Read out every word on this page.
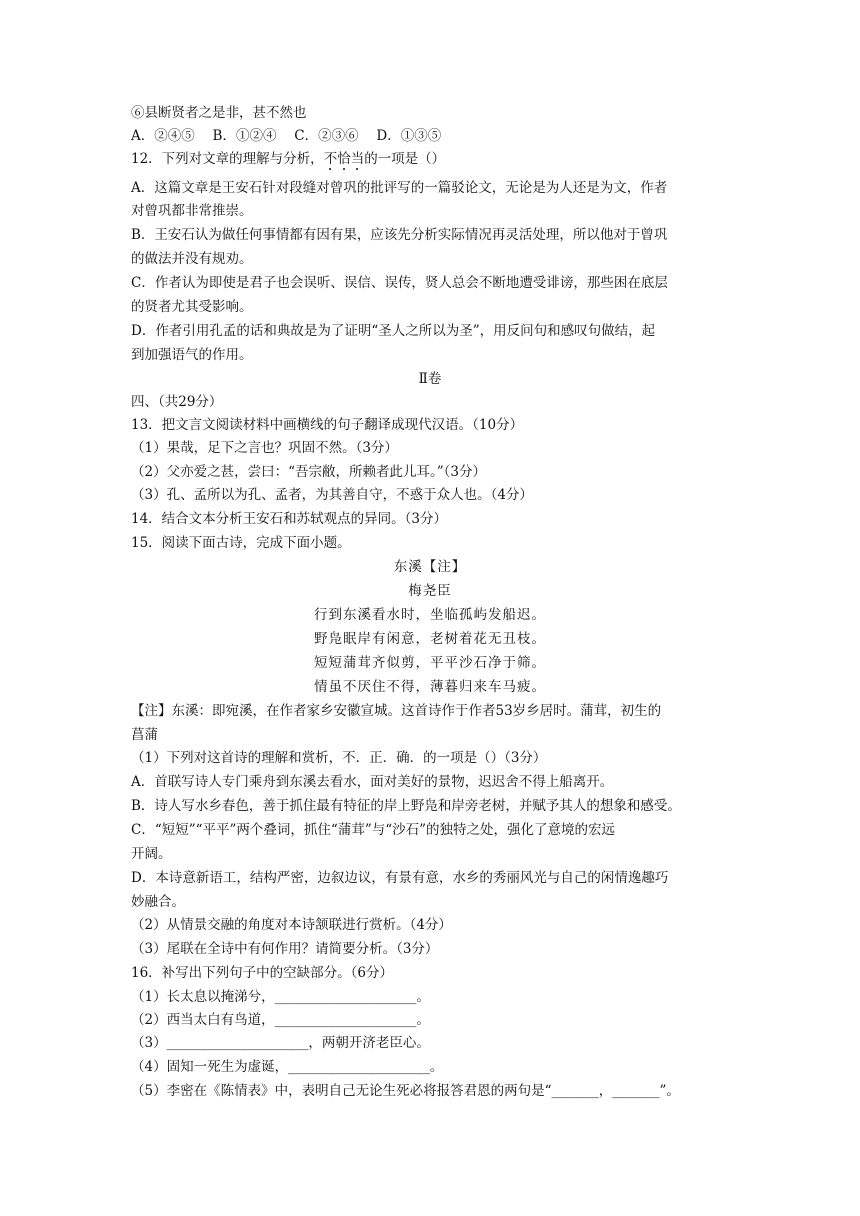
⑥县断贤者之是非，甚不然也
A．②④⑤　 B．①②④　 C．②③⑥　 D．①③⑤
12．下列对文章的理解与分析，不恰当的一项是（）
A．这篇文章是王安石针对段缝对曾巩的批评写的一篇驳论文，无论是为人还是为文，作者
对曾巩都非常推崇。
B．王安石认为做任何事情都有因有果，应该先分析实际情况再灵活处理，所以他对于曾巩
的做法并没有规劝。
C．作者认为即使是君子也会误听、误信、误传，贤人总会不断地遭受诽谤，那些困在底层
的贤者尤其受影响。
D．作者引用孔孟的话和典故是为了证明“圣人之所以为圣”，用反问句和感叹句做结，起
到加强语气的作用。
Ⅱ卷
四、（共29分）
13．把文言文阅读材料中画横线的句子翻译成现代汉语。（10分）
（1）果哉，足下之言也？巩固不然。（3分）
（2）父亦爱之甚，尝曰：“吾宗敝，所赖者此儿耳。”（3分）
（3）孔、孟所以为孔、孟者，为其善自守，不惑于众人也。（4分）
14．结合文本分析王安石和苏轼观点的异同。（3分）
15．阅读下面古诗，完成下面小题。
东溪【注】
梅尧臣
行到东溪看水时，坐临孤屿发船迟。
野凫眠岸有闲意，老树着花无丑枝。
短短蒲茸齐似剪，平平沙石净于筛。
情虽不厌住不得，薄暮归来车马疲。
【注】东溪：即宛溪，在作者家乡安徽宣城。这首诗作于作者53岁乡居时。蒲茸，初生的
菖蒲
（1）下列对这首诗的理解和赏析，不．正．确．的一项是（）（3分）
A．首联写诗人专门乘舟到东溪去看水，面对美好的景物，迟迟舍不得上船离开。
B．诗人写水乡春色，善于抓住最有特征的岸上野凫和岸旁老树，并赋予其人的想象和感受。
C．“短短”“平平”两个叠词，抓住“蒲茸”与“沙石”的独特之处，强化了意境的宏远
开阔。
D．本诗意新语工，结构严密，边叙边议，有景有意，水乡的秀丽风光与自己的闲情逸趣巧
妙融合。
（2）从情景交融的角度对本诗颔联进行赏析。（4分）
（3）尾联在全诗中有何作用？请简要分析。（3分）
16．补写出下列句子中的空缺部分。（6分）
（1）长太息以掩涕兮，_____________________。
（2）西当太白有鸟道，_____________________。
（3）_____________________，两朝开济老臣心。
（4）固知一死生为虚诞，_____________________。
（5）李密在《陈情表》中，表明自己无论生死必将报答君恩的两句是“_______，_______”。
